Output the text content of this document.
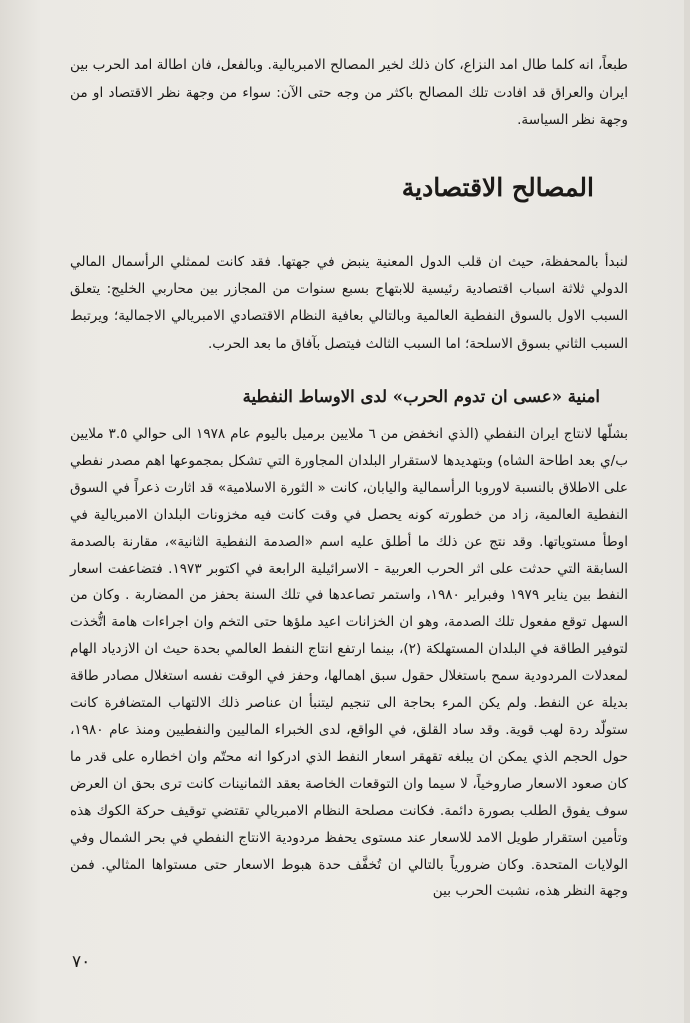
طبعاً، انه كلما طال امد النزاع، كان ذلك لخير المصالح الامبريالية. وبالفعل، فان اطالة امد الحرب بين ايران والعراق قد افادت تلك المصالح باكثر من وجه حتى الآن: سواء من وجهة نظر الاقتصاد او من وجهة نظر السياسة.

المصالح الاقتصادية

لنبدأ بالمحفظة، حيث ان قلب الدول المعنية ينبض في جهتها. فقد كانت لممثلي الرأسمال المالي الدولي ثلاثة اسباب اقتصادية رئيسية للابتهاج بسبع سنوات من المجازر بين محاربي الخليج: يتعلق السبب الاول بالسوق النفطية العالمية وبالتالي بعافية النظام الاقتصادي الامبريالي الاجمالية؛ ويرتبط السبب الثاني بسوق الاسلحة؛ اما السبب الثالث فيتصل بآفاق ما بعد الحرب.

امنية «عسى ان تدوم الحرب» لدى الاوساط النفطية

بشلّها لانتاج ايران النفطي (الذي انخفض من ٦ ملايين برميل باليوم عام ١٩٧٨ الى حوالي ٣.٥ ملايين ب/ي بعد اطاحة الشاه) وبتهديدها لاستقرار البلدان المجاورة التي تشكل بمجموعها اهم مصدر نفطي على الاطلاق بالنسبة لاوروبا الرأسمالية واليابان، كانت « الثورة الاسلامية» قد اثارت ذعراً في السوق النفطية العالمية، زاد من خطورته كونه يحصل في وقت كانت فيه مخزونات البلدان الامبريالية في اوطأ مستوياتها. وقد نتج عن ذلك ما أطلق عليه اسم «الصدمة النفطية الثانية»، مقارنة بالصدمة السابقة التي حدثت على اثر الحرب العربية - الاسرائيلية الرابعة في اكتوبر ١٩٧٣. فتضاعفت اسعار النفط بين يناير ١٩٧٩ وفبراير ١٩٨٠، واستمر تصاعدها في تلك السنة بحفز من المضاربة . وكان من السهل توقع مفعول تلك الصدمة، وهو ان الخزانات اعيد ملؤها حتى التخم وان اجراءات هامة اتُّخذت لتوفير الطاقة في البلدان المستهلكة (٢)، بينما ارتفع انتاج النفط العالمي بحدة حيث ان الازدياد الهام لمعدلات المردودية سمح باستغلال حقول سبق اهمالها، وحفز في الوقت نفسه استغلال مصادر طاقة بديلة عن النفط. ولم يكن المرء بحاجة الى تنجيم ليتنبأ ان عناصر ذلك الالتهاب المتضافرة كانت ستولّد ردة لهب قوية. وقد ساد القلق، في الواقع، لدى الخبراء الماليين والنفطيين ومنذ عام ١٩٨٠، حول الحجم الذي يمكن ان يبلغه تقهقر اسعار النفط الذي ادركوا انه محتّم وان اخطاره على قدر ما كان صعود الاسعار صاروخياً، لا سيما وان التوقعات الخاصة بعقد الثمانينات كانت ترى بحق ان العرض سوف يفوق الطلب بصورة دائمة. فكانت مصلحة النظام الامبريالي تقتضي توقيف حركة الكوك هذه وتأمين استقرار طويل الامد للاسعار عند مستوى يحفظ مردودية الانتاج النفطي في بحر الشمال وفي الولايات المتحدة. وكان ضرورياً بالتالي ان تُخفَّف حدة هبوط الاسعار حتى مستواها المثالي. فمن وجهة النظر هذه، نشبت الحرب بين

٧٠
